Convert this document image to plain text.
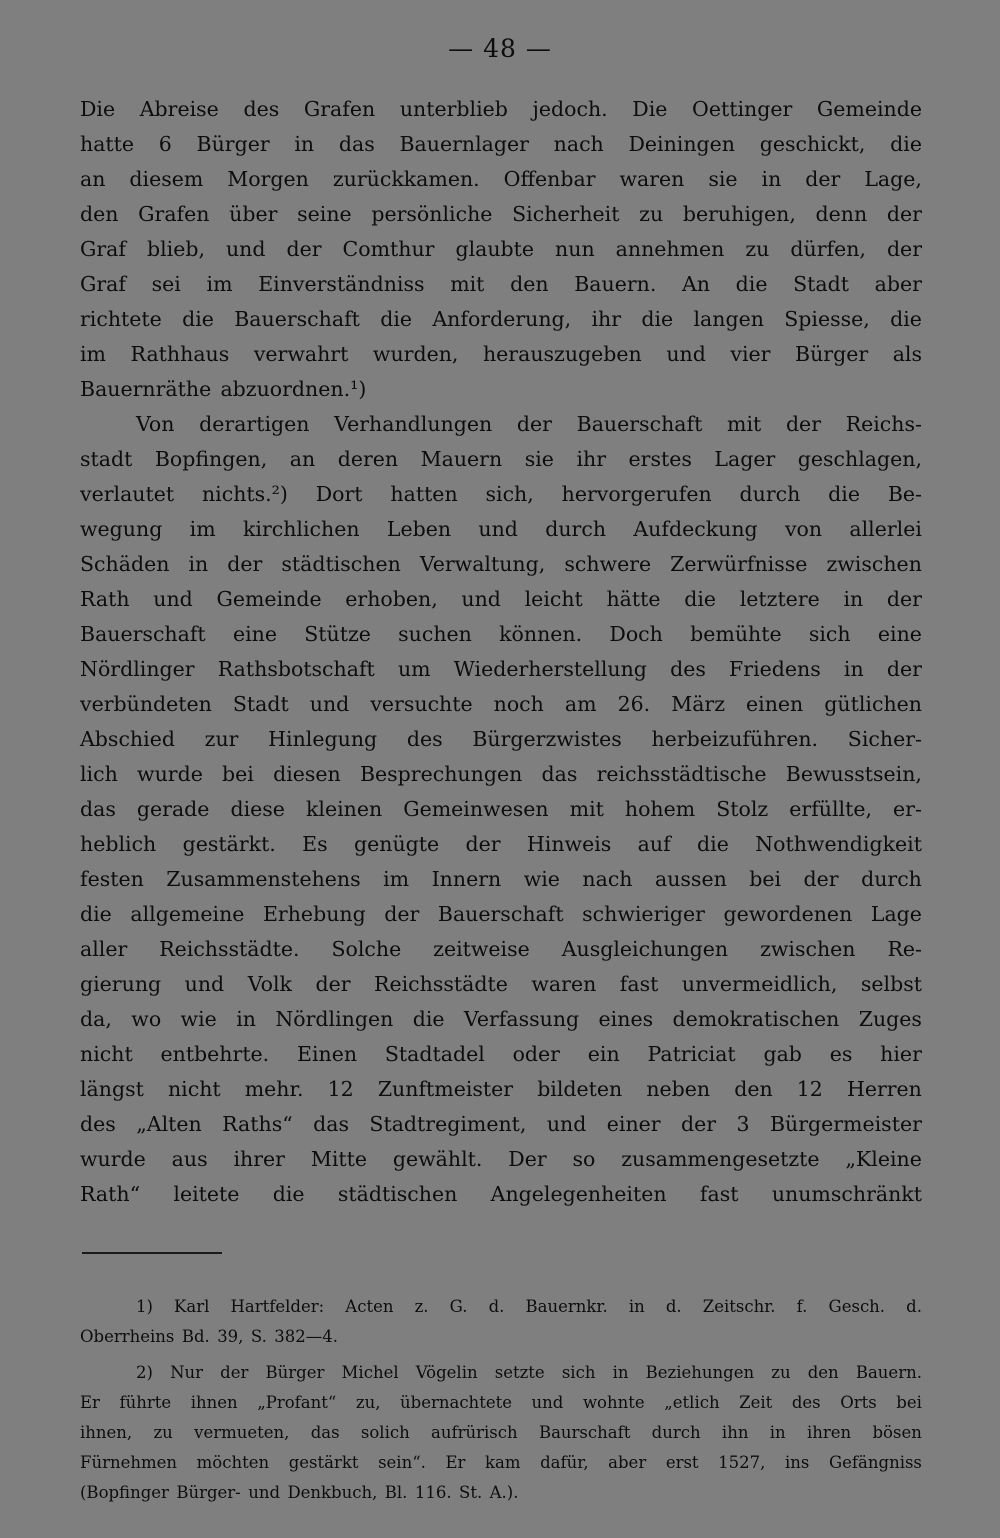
— 48 —
Die Abreise des Grafen unterblieb jedoch. Die Oettinger Gemeinde
hatte 6 Bürger in das Bauernlager nach Deiningen geschickt, die
an diesem Morgen zurückkamen. Offenbar waren sie in der Lage,
den Grafen über seine persönliche Sicherheit zu beruhigen, denn der
Graf blieb, und der Comthur glaubte nun annehmen zu dürfen, der
Graf sei im Einverständniss mit den Bauern. An die Stadt aber
richtete die Bauerschaft die Anforderung, ihr die langen Spiesse, die
im Rathhaus verwahrt wurden, herauszugeben und vier Bürger als
Bauernräthe abzuordnen.¹)
Von derartigen Verhandlungen der Bauerschaft mit der Reichs-
stadt Bopfingen, an deren Mauern sie ihr erstes Lager geschlagen,
verlautet nichts.²) Dort hatten sich, hervorgerufen durch die Be-
wegung im kirchlichen Leben und durch Aufdeckung von allerlei
Schäden in der städtischen Verwaltung, schwere Zerwürfnisse zwischen
Rath und Gemeinde erhoben, und leicht hätte die letztere in der
Bauerschaft eine Stütze suchen können. Doch bemühte sich eine
Nördlinger Rathsbotschaft um Wiederherstellung des Friedens in der
verbündeten Stadt und versuchte noch am 26. März einen gütlichen
Abschied zur Hinlegung des Bürgerzwistes herbeizuführen. Sicher-
lich wurde bei diesen Besprechungen das reichsstädtische Bewusstsein,
das gerade diese kleinen Gemeinwesen mit hohem Stolz erfüllte, er-
heblich gestärkt. Es genügte der Hinweis auf die Nothwendigkeit
festen Zusammenstehens im Innern wie nach aussen bei der durch
die allgemeine Erhebung der Bauerschaft schwieriger gewordenen Lage
aller Reichsstädte. Solche zeitweise Ausgleichungen zwischen Re-
gierung und Volk der Reichsstädte waren fast unvermeidlich, selbst
da, wo wie in Nördlingen die Verfassung eines demokratischen Zuges
nicht entbehrte. Einen Stadtadel oder ein Patriciat gab es hier
längst nicht mehr. 12 Zunftmeister bildeten neben den 12 Herren
des „Alten Raths“ das Stadtregiment, und einer der 3 Bürgermeister
wurde aus ihrer Mitte gewählt. Der so zusammengesetzte „Kleine
Rath“ leitete die städtischen Angelegenheiten fast unumschränkt
1) Karl Hartfelder: Acten z. G. d. Bauernkr. in d. Zeitschr. f. Gesch. d.
Oberrheins Bd. 39, S. 382—4.
2) Nur der Bürger Michel Vögelin setzte sich in Beziehungen zu den Bauern.
Er führte ihnen „Profant“ zu, übernachtete und wohnte „etlich Zeit des Orts bei
ihnen, zu vermueten, das solich aufrürisch Baurschaft durch ihn in ihren bösen
Fürnehmen möchten gestärkt sein“. Er kam dafür, aber erst 1527, ins Gefängniss
(Bopfinger Bürger- und Denkbuch, Bl. 116. St. A.).
